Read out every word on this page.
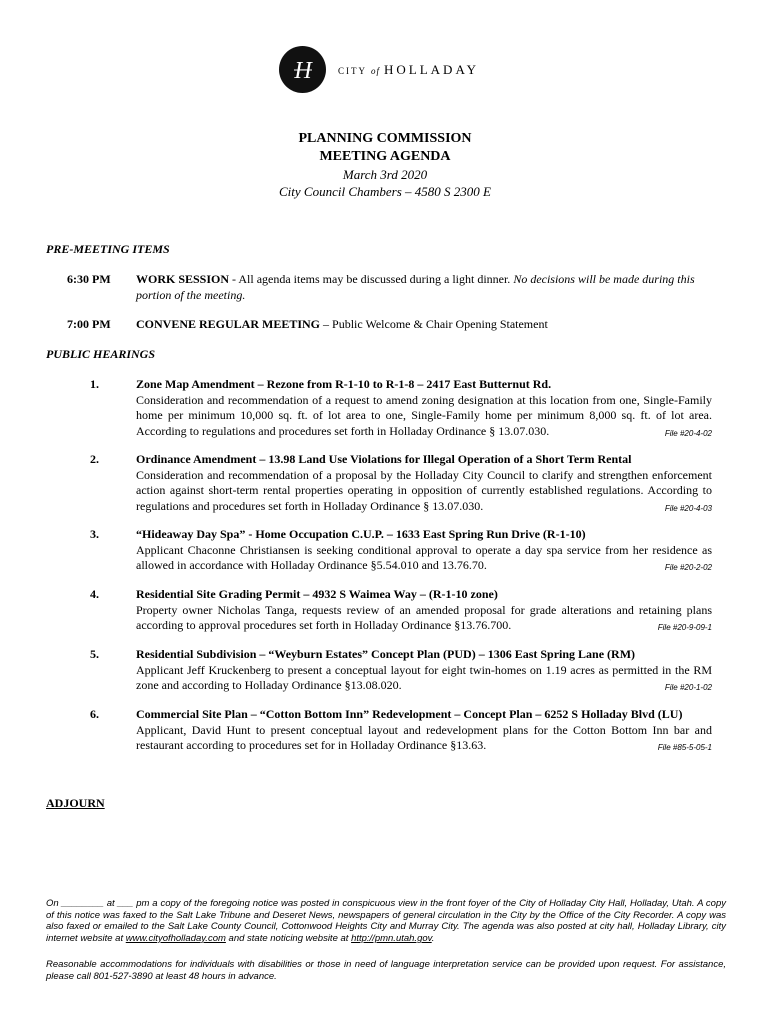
H	CITY of HOLLADAY
PLANNING COMMISSION
MEETING AGENDA
March 3rd 2020
City Council Chambers – 4580 S 2300 E
PRE-MEETING ITEMS
6:30 PM	WORK SESSION - All agenda items may be discussed during a light dinner. No decisions will be made during this portion of the meeting.
7:00 PM	CONVENE REGULAR MEETING – Public Welcome & Chair Opening Statement
PUBLIC HEARINGS
1.	Zone Map Amendment – Rezone from R-1-10 to R-1-8 – 2417 East Butternut Rd.
Consideration and recommendation of a request to amend zoning designation at this location from one, Single-Family home per minimum 10,000 sq. ft. of lot area to one, Single-Family home per minimum 8,000 sq. ft. of lot area. According to regulations and procedures set forth in Holladay Ordinance § 13.07.030.	File #20-4-02
2.	Ordinance Amendment – 13.98 Land Use Violations for Illegal Operation of a Short Term Rental
Consideration and recommendation of a proposal by the Holladay City Council to clarify and strengthen enforcement action against short-term rental properties operating in opposition of currently established regulations. According to regulations and procedures set forth in Holladay Ordinance § 13.07.030.	File #20-4-03
3.	“Hideaway Day Spa” - Home Occupation C.U.P. – 1633 East Spring Run Drive (R-1-10)
Applicant Chaconne Christiansen is seeking conditional approval to operate a day spa service from her residence as allowed in accordance with Holladay Ordinance §5.54.010 and 13.76.70.	File #20-2-02
4.	Residential Site Grading Permit – 4932 S Waimea Way – (R-1-10 zone)
Property owner Nicholas Tanga, requests review of an amended proposal for grade alterations and retaining plans according to approval procedures set forth in Holladay Ordinance §13.76.700.	File #20-9-09-1
5.	Residential Subdivision – “Weyburn Estates” Concept Plan (PUD) – 1306 East Spring Lane (RM)
Applicant Jeff Kruckenberg to present a conceptual layout for eight twin-homes on 1.19 acres as permitted in the RM zone and according to Holladay Ordinance §13.08.020.	File #20-1-02
6.	Commercial Site Plan – “Cotton Bottom Inn” Redevelopment – Concept Plan – 6252 S Holladay Blvd (LU)
Applicant, David Hunt to present conceptual layout and redevelopment plans for the Cotton Bottom Inn bar and restaurant according to procedures set for in Holladay Ordinance §13.63.	File #85-5-05-1
ADJOURN
On ________ at ___ pm a copy of the foregoing notice was posted in conspicuous view in the front foyer of the City of Holladay City Hall, Holladay, Utah. A copy of this notice was faxed to the Salt Lake Tribune and Deseret News, newspapers of general circulation in the City by the Office of the City Recorder. A copy was also faxed or emailed to the Salt Lake County Council, Cottonwood Heights City and Murray City. The agenda was also posted at city hall, Holladay Library, city internet website at www.cityofholladay.com and state noticing website at http://pmn.utah.gov.
Reasonable accommodations for individuals with disabilities or those in need of language interpretation service can be provided upon request. For assistance, please call 801-527-3890 at least 48 hours in advance.
